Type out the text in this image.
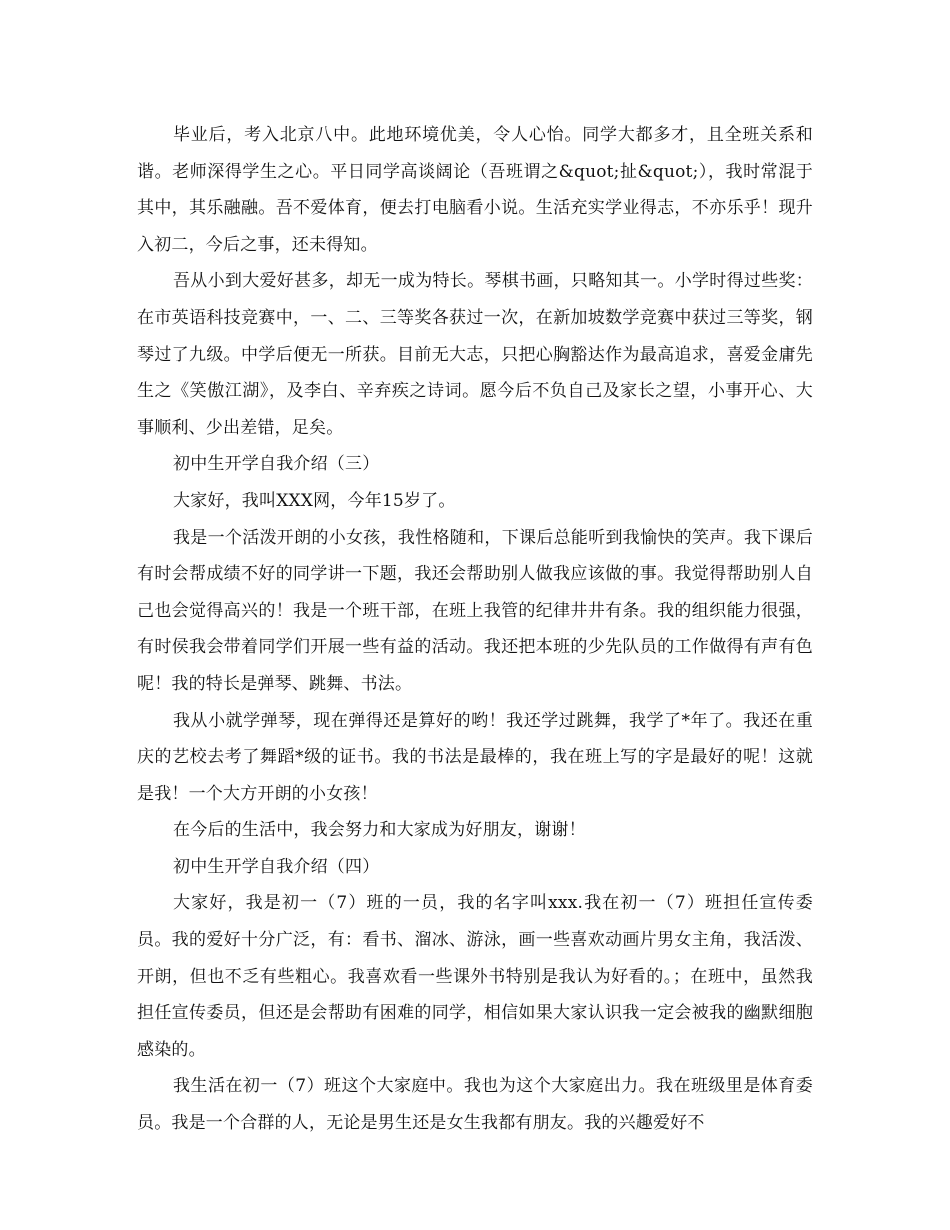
毕业后，考入北京八中。此地环境优美，令人心怡。同学大都多才，且全班关系和谐。老师深得学生之心。平日同学高谈阔论（吾班谓之&quot;扯&quot;），我时常混于其中，其乐融融。吾不爱体育，便去打电脑看小说。生活充实学业得志，不亦乐乎！现升入初二，今后之事，还未得知。

吾从小到大爱好甚多，却无一成为特长。琴棋书画，只略知其一。小学时得过些奖：在市英语科技竞赛中，一、二、三等奖各获过一次，在新加坡数学竞赛中获过三等奖，钢琴过了九级。中学后便无一所获。目前无大志，只把心胸豁达作为最高追求，喜爱金庸先生之《笑傲江湖》，及李白、辛弃疾之诗词。愿今后不负自己及家长之望，小事开心、大事顺利、少出差错，足矣。

初中生开学自我介绍（三）

大家好，我叫XXX网，今年15岁了。

我是一个活泼开朗的小女孩，我性格随和，下课后总能听到我愉快的笑声。我下课后有时会帮成绩不好的同学讲一下题，我还会帮助别人做我应该做的事。我觉得帮助别人自己也会觉得高兴的！我是一个班干部，在班上我管的纪律井井有条。我的组织能力很强，有时侯我会带着同学们开展一些有益的活动。我还把本班的少先队员的工作做得有声有色呢！我的特长是弹琴、跳舞、书法。

我从小就学弹琴，现在弹得还是算好的哟！我还学过跳舞，我学了*年了。我还在重庆的艺校去考了舞蹈*级的证书。我的书法是最棒的，我在班上写的字是最好的呢！这就是我！一个大方开朗的小女孩！

在今后的生活中，我会努力和大家成为好朋友，谢谢！

初中生开学自我介绍（四）

大家好，我是初一（7）班的一员，我的名字叫xxx.我在初一（7）班担任宣传委员。我的爱好十分广泛，有：看书、溜冰、游泳，画一些喜欢动画片男女主角，我活泼、开朗，但也不乏有些粗心。我喜欢看一些课外书特别是我认为好看的。；在班中，虽然我担任宣传委员，但还是会帮助有困难的同学，相信如果大家认识我一定会被我的幽默细胞感染的。

我生活在初一（7）班这个大家庭中。我也为这个大家庭出力。我在班级里是体育委员。我是一个合群的人，无论是男生还是女生我都有朋友。我的兴趣爱好不
